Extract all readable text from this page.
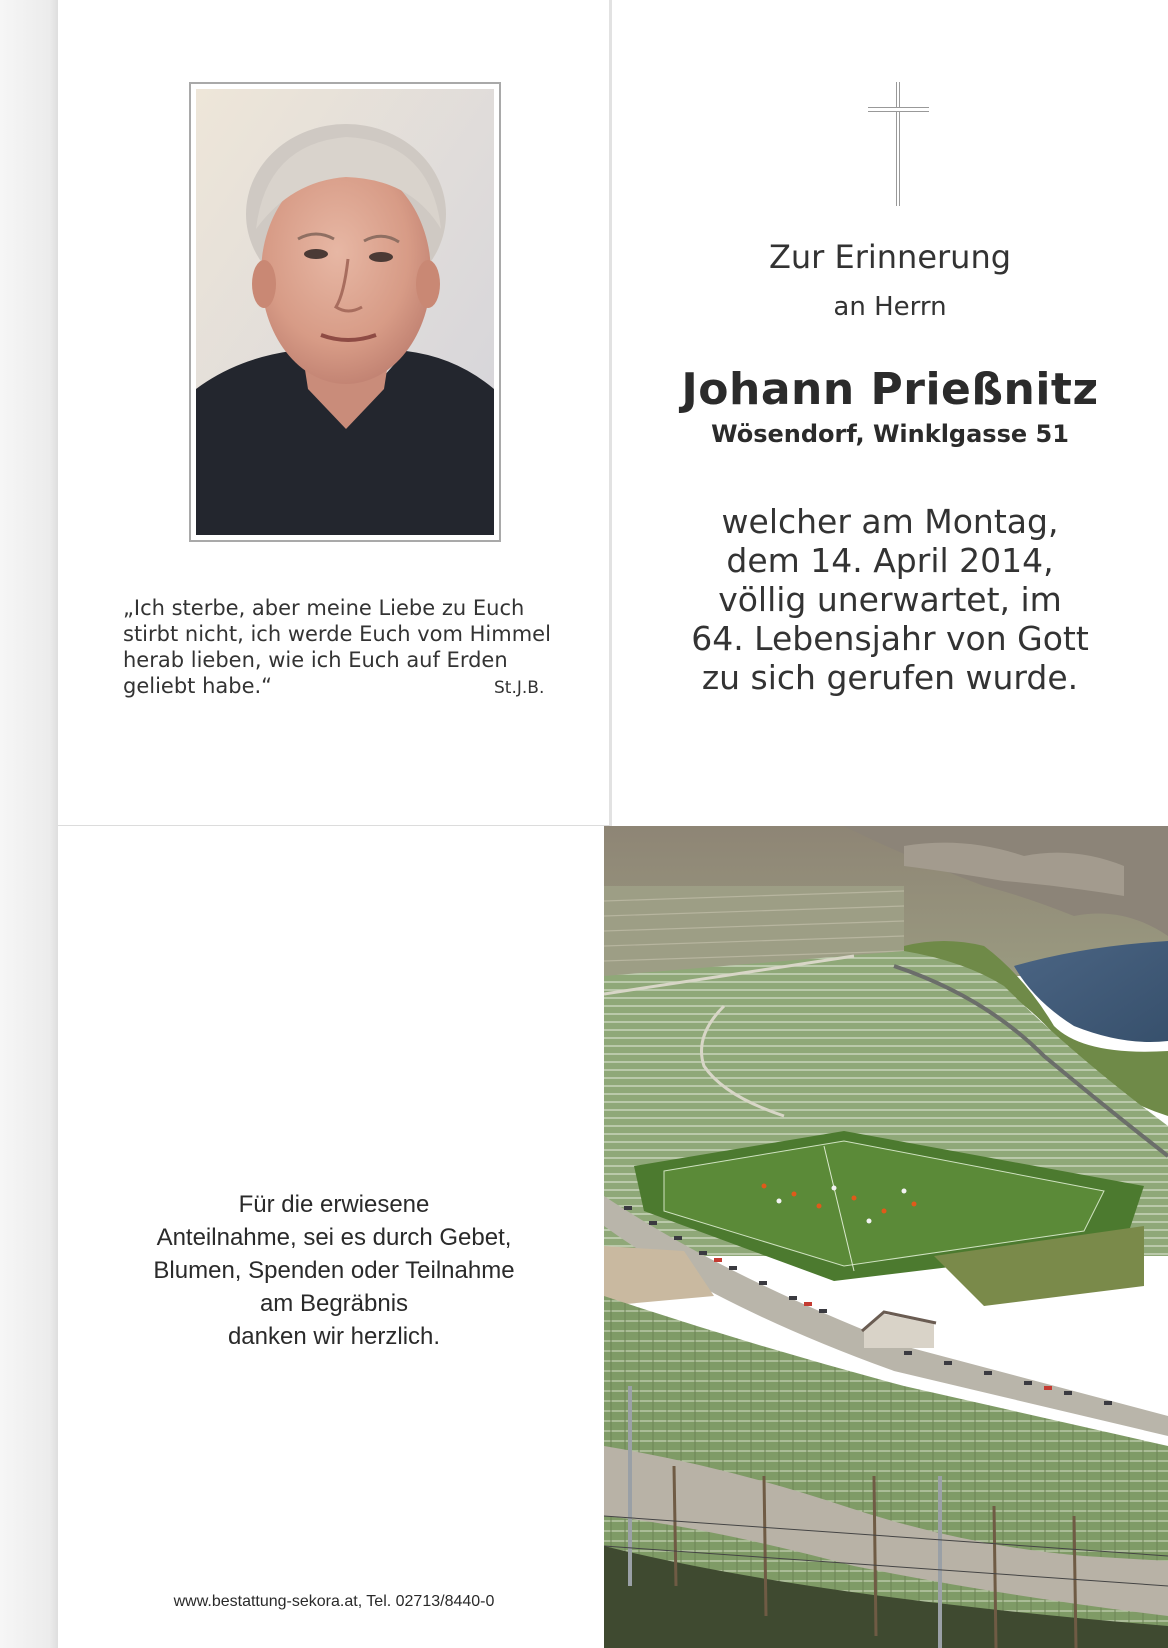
„Ich sterbe, aber meine Liebe zu Euch
stirbt nicht, ich werde Euch vom Himmel
herab lieben, wie ich Euch auf Erden
geliebt habe.“	St.J.B.
Zur Erinnerung
an Herrn
Johann Prießnitz
Wösendorf, Winklgasse 51
welcher am Montag,
dem 14. April 2014,
völlig unerwartet, im
64. Lebensjahr von Gott
zu sich gerufen wurde.
Für die erwiesene
Anteilnahme, sei es durch Gebet,
Blumen, Spenden oder Teilnahme
am Begräbnis
danken wir herzlich.
www.bestattung-sekora.at, Tel. 02713/8440-0
